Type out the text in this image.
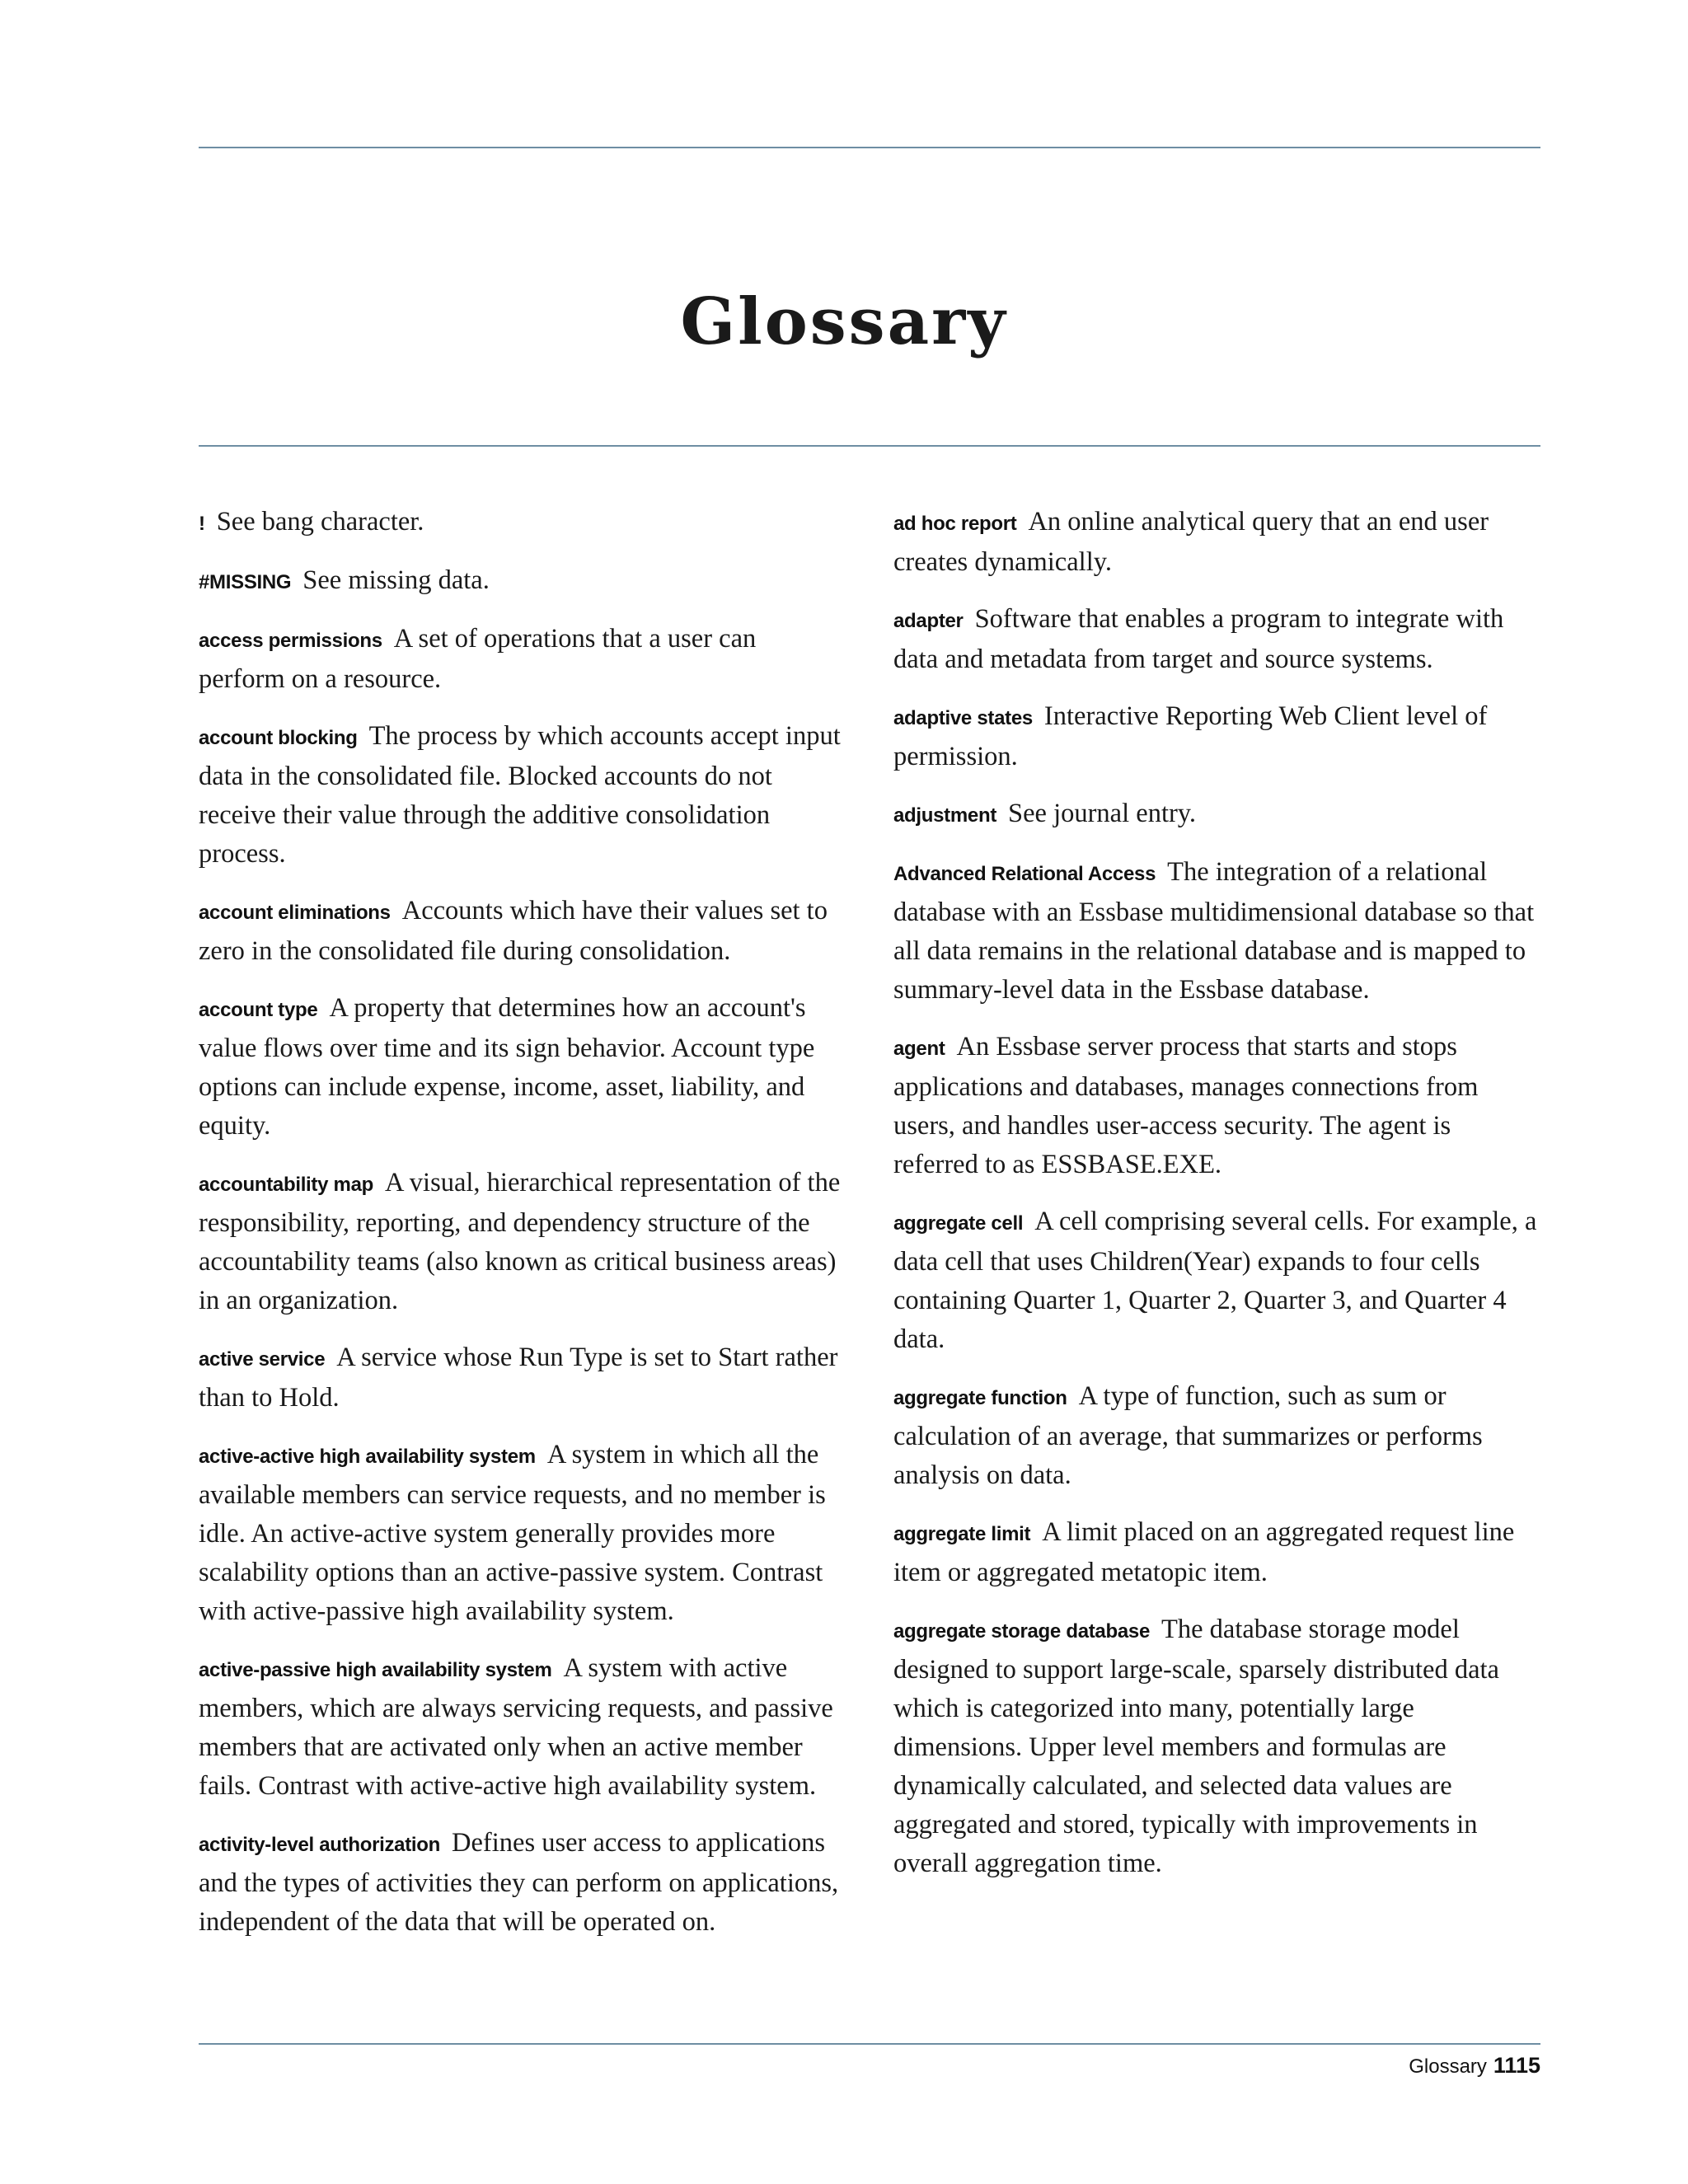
Glossary

! See bang character.

#MISSING See missing data.

access permissions A set of operations that a user can perform on a resource.

account blocking The process by which accounts accept input data in the consolidated file. Blocked accounts do not receive their value through the additive consolidation process.

account eliminations Accounts which have their values set to zero in the consolidated file during consolidation.

account type A property that determines how an account's value flows over time and its sign behavior. Account type options can include expense, income, asset, liability, and equity.

accountability map A visual, hierarchical representation of the responsibility, reporting, and dependency structure of the accountability teams (also known as critical business areas) in an organization.

active service A service whose Run Type is set to Start rather than to Hold.

active-active high availability system A system in which all the available members can service requests, and no member is idle. An active-active system generally provides more scalability options than an active-passive system. Contrast with active-passive high availability system.

active-passive high availability system A system with active members, which are always servicing requests, and passive members that are activated only when an active member fails. Contrast with active-active high availability system.

activity-level authorization Defines user access to applications and the types of activities they can perform on applications, independent of the data that will be operated on.

ad hoc report An online analytical query that an end user creates dynamically.

adapter Software that enables a program to integrate with data and metadata from target and source systems.

adaptive states Interactive Reporting Web Client level of permission.

adjustment See journal entry.

Advanced Relational Access The integration of a relational database with an Essbase multidimensional database so that all data remains in the relational database and is mapped to summary-level data in the Essbase database.

agent An Essbase server process that starts and stops applications and databases, manages connections from users, and handles user-access security. The agent is referred to as ESSBASE.EXE.

aggregate cell A cell comprising several cells. For example, a data cell that uses Children(Year) expands to four cells containing Quarter 1, Quarter 2, Quarter 3, and Quarter 4 data.

aggregate function A type of function, such as sum or calculation of an average, that summarizes or performs analysis on data.

aggregate limit A limit placed on an aggregated request line item or aggregated metatopic item.

aggregate storage database The database storage model designed to support large-scale, sparsely distributed data which is categorized into many, potentially large dimensions. Upper level members and formulas are dynamically calculated, and selected data values are aggregated and stored, typically with improvements in overall aggregation time.

Glossary 1115
